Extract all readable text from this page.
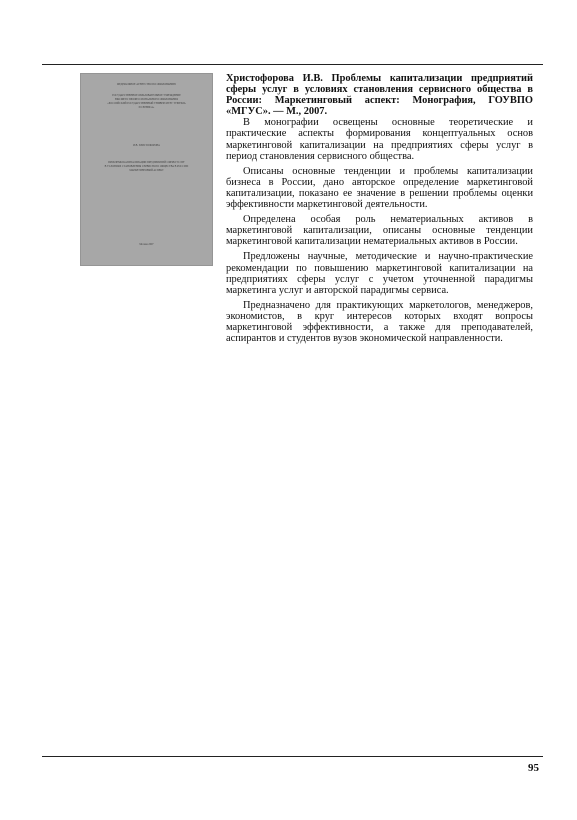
ФЕДЕРАЛЬНОЕ АГЕНТСТВО ПО ОБРАЗОВАНИЮ
ГОСУДАРСТВЕННОЕ ОБРАЗОВАТЕЛЬНОЕ УЧРЕЖДЕНИЕ
ВЫСШЕГО ПРОФЕССИОНАЛЬНОГО ОБРАЗОВАНИЯ
«РОССИЙСКИЙ ГОСУДАРСТВЕННЫЙ УНИВЕРСИТЕТ ТУРИЗМА
И СЕРВИСА»
И.В. ХРИСТОФОРОВА
ПРОБЛЕМЫ КАПИТАЛИЗАЦИИ ПРЕДПРИЯТИЙ СФЕРЫ УСЛУГ
В УСЛОВИЯХ СТАНОВЛЕНИЯ СЕРВИСНОГО ОБЩЕСТВА В РОССИИ:
МАРКЕТИНГОВЫЙ АСПЕКТ
Москва 2007

Христофорова И.В. Проблемы капитализации предприятий сферы услуг в условиях становления сервисного общества в России: Маркетинговый аспект: Монография, ГОУВПО «МГУС». — М., 2007.

В монографии освещены основные теоретические и практические аспекты формирования концептуальных основ маркетинговой капитализации на предприятиях сферы услуг в период становления сервисного общества.

Описаны основные тенденции и проблемы капитализации бизнеса в России, дано авторское определение маркетинговой капитализации, показано ее значение в решении проблемы оценки эффективности маркетинговой деятельности.

Определена особая роль нематериальных активов в маркетинговой капитализации, описаны основные тенденции маркетинговой капитализации нематериальных активов в России.

Предложены научные, методические и научно-практические рекомендации по повышению маркетинговой капитализации на предприятиях сферы услуг с учетом уточненной парадигмы маркетинга услуг и авторской парадигмы сервиса.

Предназначено для практикующих маркетологов, менеджеров, экономистов, в круг интересов которых входят вопросы маркетинговой эффективности, а также для преподавателей, аспирантов и студентов вузов экономической направленности.

95
